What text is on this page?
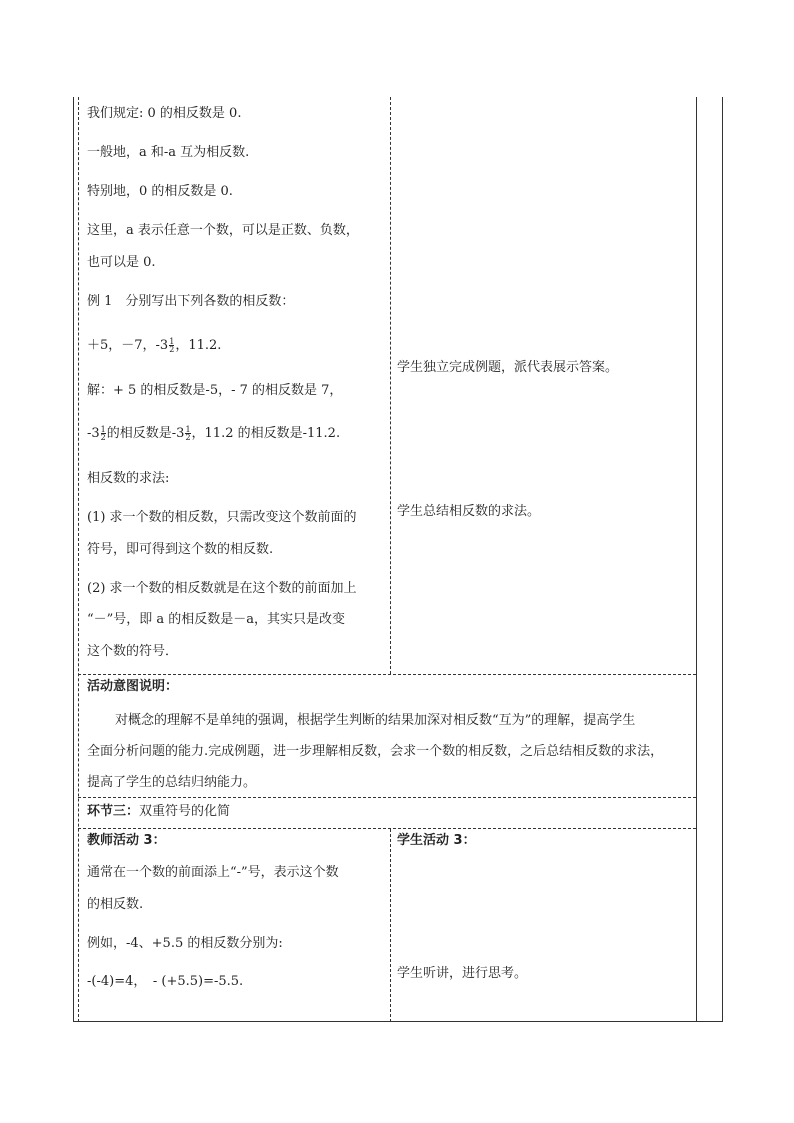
我们规定: 0 的相反数是 0.
一般地，a 和-a 互为相反数.
特别地，0 的相反数是 0.
这里，a 表示任意一个数，可以是正数、负数，
也可以是 0.
例 1　分别写出下列各数的相反数：
＋5，－7，$-3 \frac{1}{2}$ ，11.2.
解：+ 5 的相反数是-5，- 7 的相反数是 7，
$-3 \frac{1}{2}$ 的相反数是$-3 \frac{1}{2}$ ，11.2 的相反数是-11.2.
相反数的求法:
(1) 求一个数的相反数，只需改变这个数前面的
符号，即可得到这个数的相反数.
(2) 求一个数的相反数就是在这个数的前面加上
“－”号，即 a 的相反数是－a，其实只是改变
这个数的符号．
学生独立完成例题，派代表展示答案。
学生总结相反数的求法。
活动意图说明：
对概念的理解不是单纯的强调，根据学生判断的结果加深对相反数“互为”的理解，提高学生
全面分析问题的能力.完成例题，进一步理解相反数，会求一个数的相反数，之后总结相反数的求法，
提高了学生的总结归纳能力。
环节三：双重符号的化简
教师活动 3：	学生活动 3：
通常在一个数的前面添上“-”号，表示这个数
的相反数.
例如，-4、+5.5 的相反数分别为:
-(-4)=4，　- (+5.5)=-5.5.
学生听讲，进行思考。
